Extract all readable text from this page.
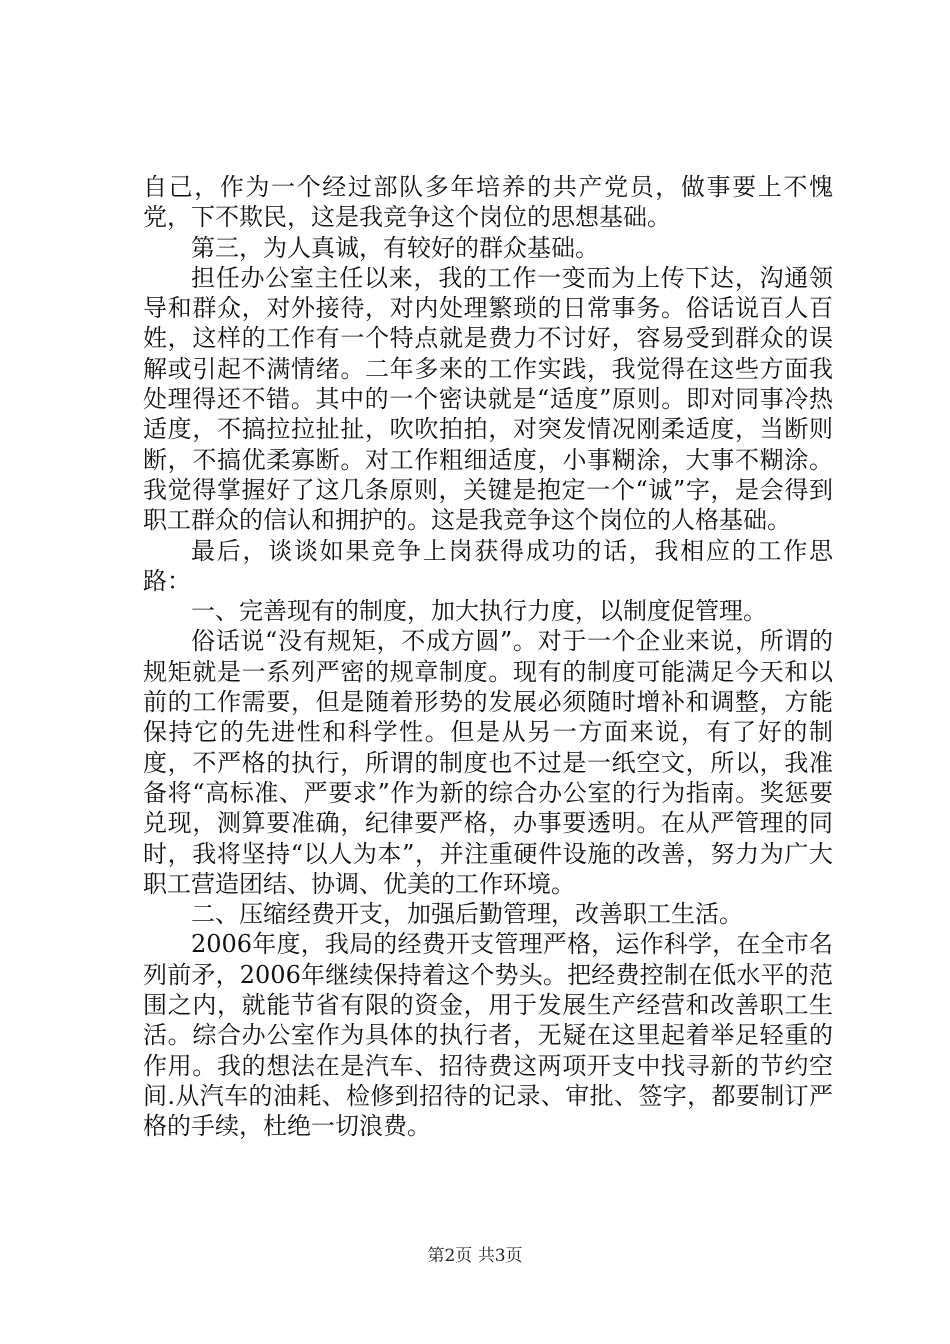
自己，作为一个经过部队多年培养的共产党员，做事要上不愧党，下不欺民，这是我竞争这个岗位的思想基础。

第三，为人真诚，有较好的群众基础。

担任办公室主任以来，我的工作一变而为上传下达，沟通领导和群众，对外接待，对内处理繁琐的日常事务。俗话说百人百姓，这样的工作有一个特点就是费力不讨好，容易受到群众的误解或引起不满情绪。二年多来的工作实践，我觉得在这些方面我处理得还不错。其中的一个密诀就是“适度”原则。即对同事冷热适度，不搞拉拉扯扯，吹吹拍拍，对突发情况刚柔适度，当断则断，不搞优柔寡断。对工作粗细适度，小事糊涂，大事不糊涂。我觉得掌握好了这几条原则，关键是抱定一个“诚”字，是会得到职工群众的信认和拥护的。这是我竞争这个岗位的人格基础。

最后，谈谈如果竞争上岗获得成功的话，我相应的工作思路：

一、完善现有的制度，加大执行力度，以制度促管理。

俗话说“没有规矩，不成方圆”。对于一个企业来说，所谓的规矩就是一系列严密的规章制度。现有的制度可能满足今天和以前的工作需要，但是随着形势的发展必须随时增补和调整，方能保持它的先进性和科学性。但是从另一方面来说，有了好的制度，不严格的执行，所谓的制度也不过是一纸空文，所以，我准备将“高标准、严要求”作为新的综合办公室的行为指南。奖惩要兑现，测算要准确，纪律要严格，办事要透明。在从严管理的同时，我将坚持“以人为本”，并注重硬件设施的改善，努力为广大职工营造团结、协调、优美的工作环境。

二、压缩经费开支，加强后勤管理，改善职工生活。

2006年度，我局的经费开支管理严格，运作科学，在全市名列前矛，2006年继续保持着这个势头。把经费控制在低水平的范围之内，就能节省有限的资金，用于发展生产经营和改善职工生活。综合办公室作为具体的执行者，无疑在这里起着举足轻重的作用。我的想法在是汽车、招待费这两项开支中找寻新的节约空间.从汽车的油耗、检修到招待的记录、审批、签字，都要制订严格的手续，杜绝一切浪费。

第2页 共3页
